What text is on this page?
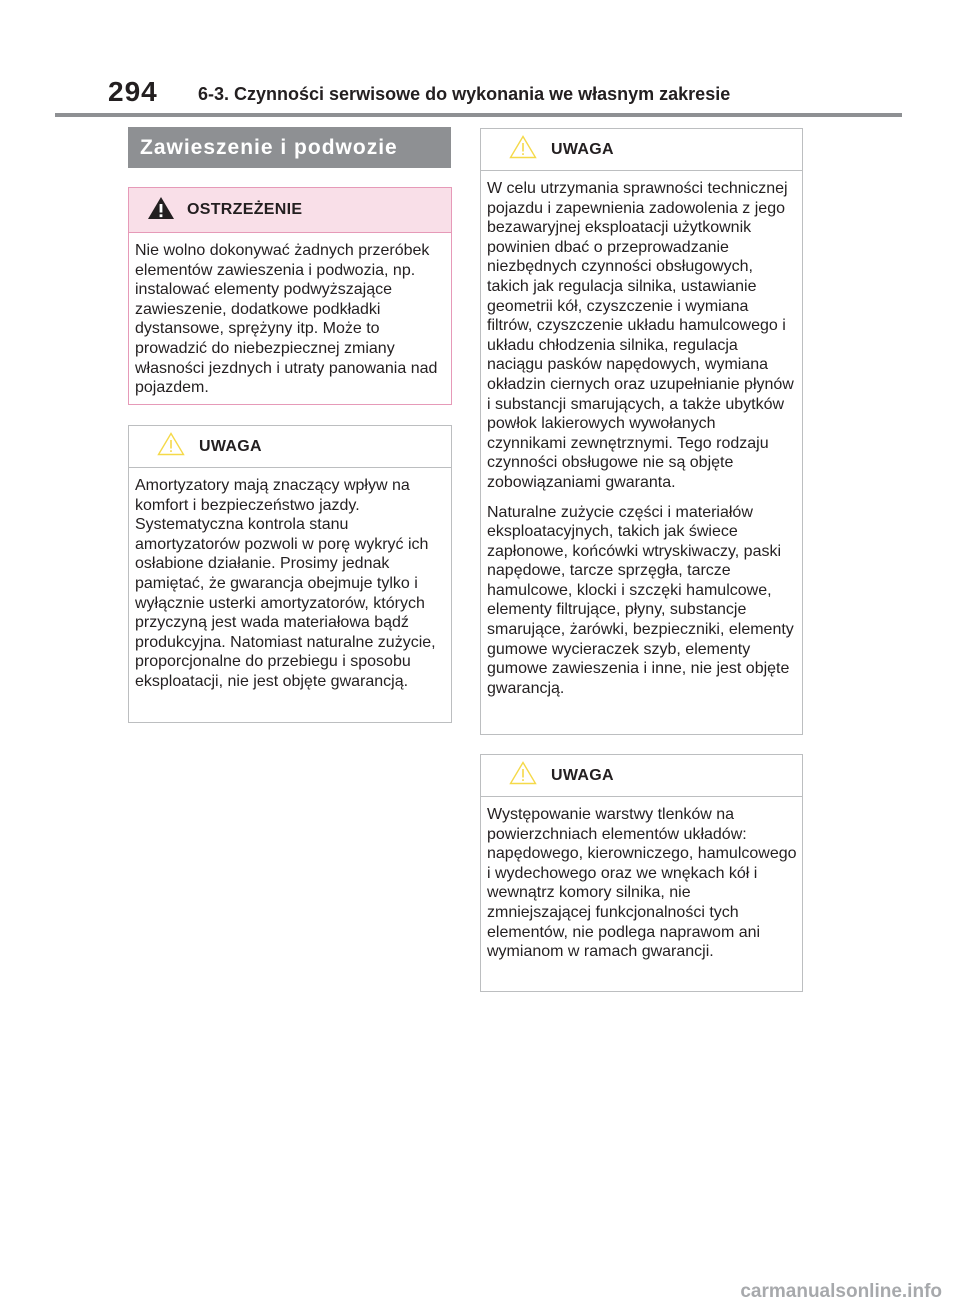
294 6-3. Czynności serwisowe do wykonania we własnym zakresie
Zawieszenie i podwozie
OSTRZEŻENIE

Nie wolno dokonywać żadnych przeróbek elementów zawieszenia i podwozia, np. instalować elementy podwyższające zawieszenie, dodatkowe podkładki dystansowe, sprężyny itp. Może to prowadzić do niebezpiecznej zmiany własności jezdnych i utraty panowania nad pojazdem.

UWAGA

Amortyzatory mają znaczący wpływ na komfort i bezpieczeństwo jazdy. Systematyczna kontrola stanu amortyzatorów pozwoli w porę wykryć ich osłabione działanie. Prosimy jednak pamiętać, że gwarancja obejmuje tylko i wyłącznie usterki amortyzatorów, których przyczyną jest wada materiałowa bądź produkcyjna. Natomiast naturalne zużycie, proporcjonalne do przebiegu i sposobu eksploatacji, nie jest objęte gwarancją.

UWAGA

W celu utrzymania sprawności technicznej pojazdu i zapewnienia zadowolenia z jego bezawaryjnej eksploatacji użytkownik powinien dbać o przeprowadzanie niezbędnych czynności obsługowych, takich jak regulacja silnika, ustawianie geometrii kół, czyszczenie i wymiana filtrów, czyszczenie układu hamulcowego i układu chłodzenia silnika, regulacja naciągu pasków napędowych, wymiana okładzin ciernych oraz uzupełnianie płynów i substancji smarujących, a także ubytków powłok lakierowych wywołanych czynnikami zewnętrznymi. Tego rodzaju czynności obsługowe nie są objęte zobowiązaniami gwaranta.

Naturalne zużycie części i materiałów eksploatacyjnych, takich jak świece zapłonowe, końcówki wtryskiwaczy, paski napędowe, tarcze sprzęgła, tarcze hamulcowe, klocki i szczęki hamulcowe, elementy filtrujące, płyny, substancje smarujące, żarówki, bezpieczniki, elementy gumowe wycieraczek szyb, elementy gumowe zawieszenia i inne, nie jest objęte gwarancją.

UWAGA

Występowanie warstwy tlenków na powierzchniach elementów układów: napędowego, kierowniczego, hamulcowego i wydechowego oraz we wnękach kół i wewnątrz komory silnika, nie zmniejszającej funkcjonalności tych elementów, nie podlega naprawom ani wymianom w ramach gwarancji.

carmanualsonline.info
